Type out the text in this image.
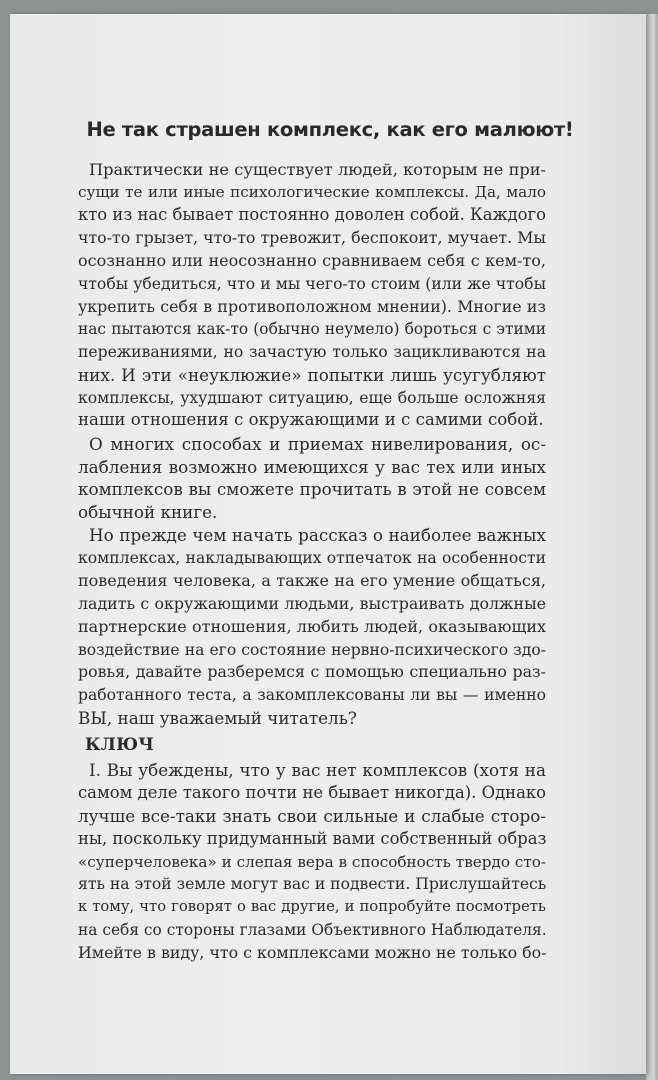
Не так страшен комплекс, как его малюют!

Практически не существует людей, которым не при-

сущи те или иные психологические комплексы. Да, мало

кто из нас бывает постоянно доволен собой. Каждого

что-то грызет, что-то тревожит, беспокоит, мучает. Мы

осознанно или неосознанно сравниваем себя с кем-то,

чтобы убедиться, что и мы чего-то стоим (или же чтобы

укрепить себя в противоположном мнении). Многие из

нас пытаются как-то (обычно неумело) бороться с этими

переживаниями, но зачастую только зацикливаются на

них. И эти «неуклюжие» попытки лишь усугубляют

комплексы, ухудшают ситуацию, еще больше осложняя

наши отношения с окружающими и с самими собой.

О многих способах и приемах нивелирования, ос-

лабления возможно имеющихся у вас тех или иных

комплексов вы сможете прочитать в этой не совсем

обычной книге.

Но прежде чем начать рассказ о наиболее важных

комплексах, накладывающих отпечаток на особенности

поведения человека, а также на его умение общаться,

ладить с окружающими людьми, выстраивать должные

партнерские отношения, любить людей, оказывающих

воздействие на его состояние нервно-психического здо-

ровья, давайте разберемся с помощью специально раз-

работанного теста, а закомплексованы ли вы — именно

ВЫ, наш уважаемый читатель?

КЛЮЧ

I. Вы убеждены, что у вас нет комплексов (хотя на

самом деле такого почти не бывает никогда). Однако

лучше все-таки знать свои сильные и слабые сторо-

ны, поскольку придуманный вами собственный образ

«суперчеловека» и слепая вера в способность твердо сто-

ять на этой земле могут вас и подвести. Прислушайтесь

к тому, что говорят о вас другие, и попробуйте посмотреть

на себя со стороны глазами Объективного Наблюдателя.

Имейте в виду, что с комплексами можно не только бо-
